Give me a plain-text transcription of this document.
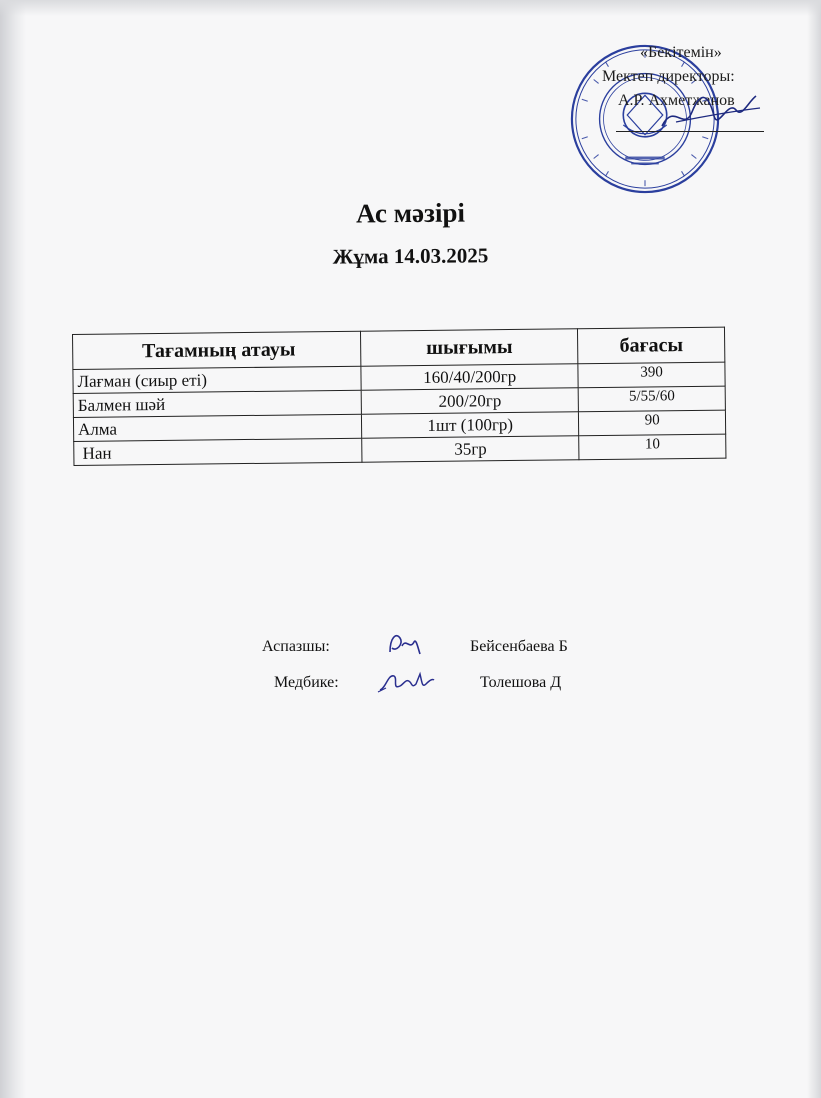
«Бекітемін»
Мектеп директоры:
А.Р. Ахметжанов
Ас мәзірі
Жұма 14.03.2025
Тағамның атауы	шығымы	бағасы
Лағман (сиыр еті)	160/40/200гр	390
Балмен шәй	200/20гр	5/55/60
Алма	1шт (100гр)	90
Нан	35гр	10
Аспазшы:	Бейсенбаева Б
Медбике:	Толешова Д
